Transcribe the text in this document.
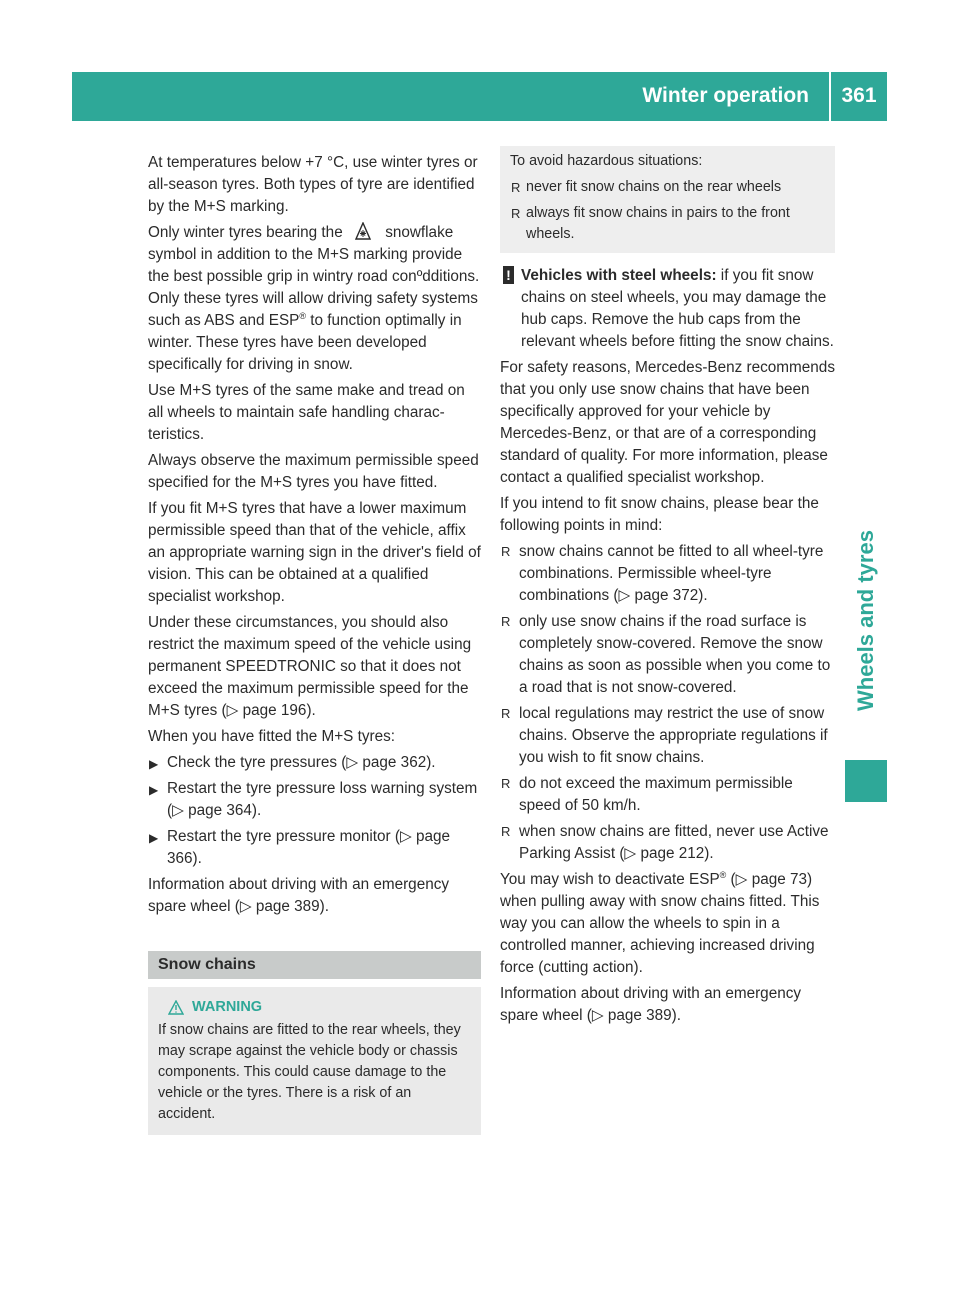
Winter operation	361
Wheels and tyres

At temperatures below +7 °C, use winter tyres or all-season tyres. Both types of tyre are identified by the M+S marking.

Only winter tyres bearing the	snowflake symbol in addition to the M+S marking provide the best possible grip in wintry road conºdditions. Only these tyres will allow driving safety systems such as ABS and ESP® to function optimally in winter. These tyres have been developed specifically for driving in snow.

Use M+S tyres of the same make and tread on all wheels to maintain safe handling characteristics.

Always observe the maximum permissible speed specified for the M+S tyres you have fitted.

If you fit M+S tyres that have a lower maximum permissible speed than that of the vehicle, affix an appropriate warning sign in the driver's field of vision. This can be obtained at a qualified specialist workshop.

Under these circumstances, you should also restrict the maximum speed of the vehicle using permanent SPEEDTRONIC so that it does not exceed the maximum permissible speed for the M+S tyres (▷ page 196).

When you have fitted the M+S tyres:

▶ Check the tyre pressures (▷ page 362).
▶ Restart the tyre pressure loss warning system (▷ page 364).
▶ Restart the tyre pressure monitor (▷ page 366).

Information about driving with an emergency spare wheel (▷ page 389).

Snow chains
WARNING
If snow chains are fitted to the rear wheels, they may scrape against the vehicle body or chassis components. This could cause damage to the vehicle or the tyres. There is a risk of an accident.
To avoid hazardous situations:
R never fit snow chains on the rear wheels
R always fit snow chains in pairs to the front wheels.
! Vehicles with steel wheels: if you fit snow chains on steel wheels, you may damage the hub caps. Remove the hub caps from the relevant wheels before fitting the snow chains.

For safety reasons, Mercedes-Benz recommends that you only use snow chains that have been specifically approved for your vehicle by Mercedes-Benz, or that are of a corresponding standard of quality. For more information, please contact a qualified specialist workshop.

If you intend to fit snow chains, please bear the following points in mind:

R snow chains cannot be fitted to all wheel-tyre combinations. Permissible wheel-tyre combinations (▷ page 372).
R only use snow chains if the road surface is completely snow-covered. Remove the snow chains as soon as possible when you come to a road that is not snow-covered.
R local regulations may restrict the use of snow chains. Observe the appropriate regulations if you wish to fit snow chains.
R do not exceed the maximum permissible speed of 50 km/h.
R when snow chains are fitted, never use Active Parking Assist (▷ page 212).

You may wish to deactivate ESP® (▷ page 73) when pulling away with snow chains fitted. This way you can allow the wheels to spin in a controlled manner, achieving increased driving force (cutting action).

Information about driving with an emergency spare wheel (▷ page 389).
